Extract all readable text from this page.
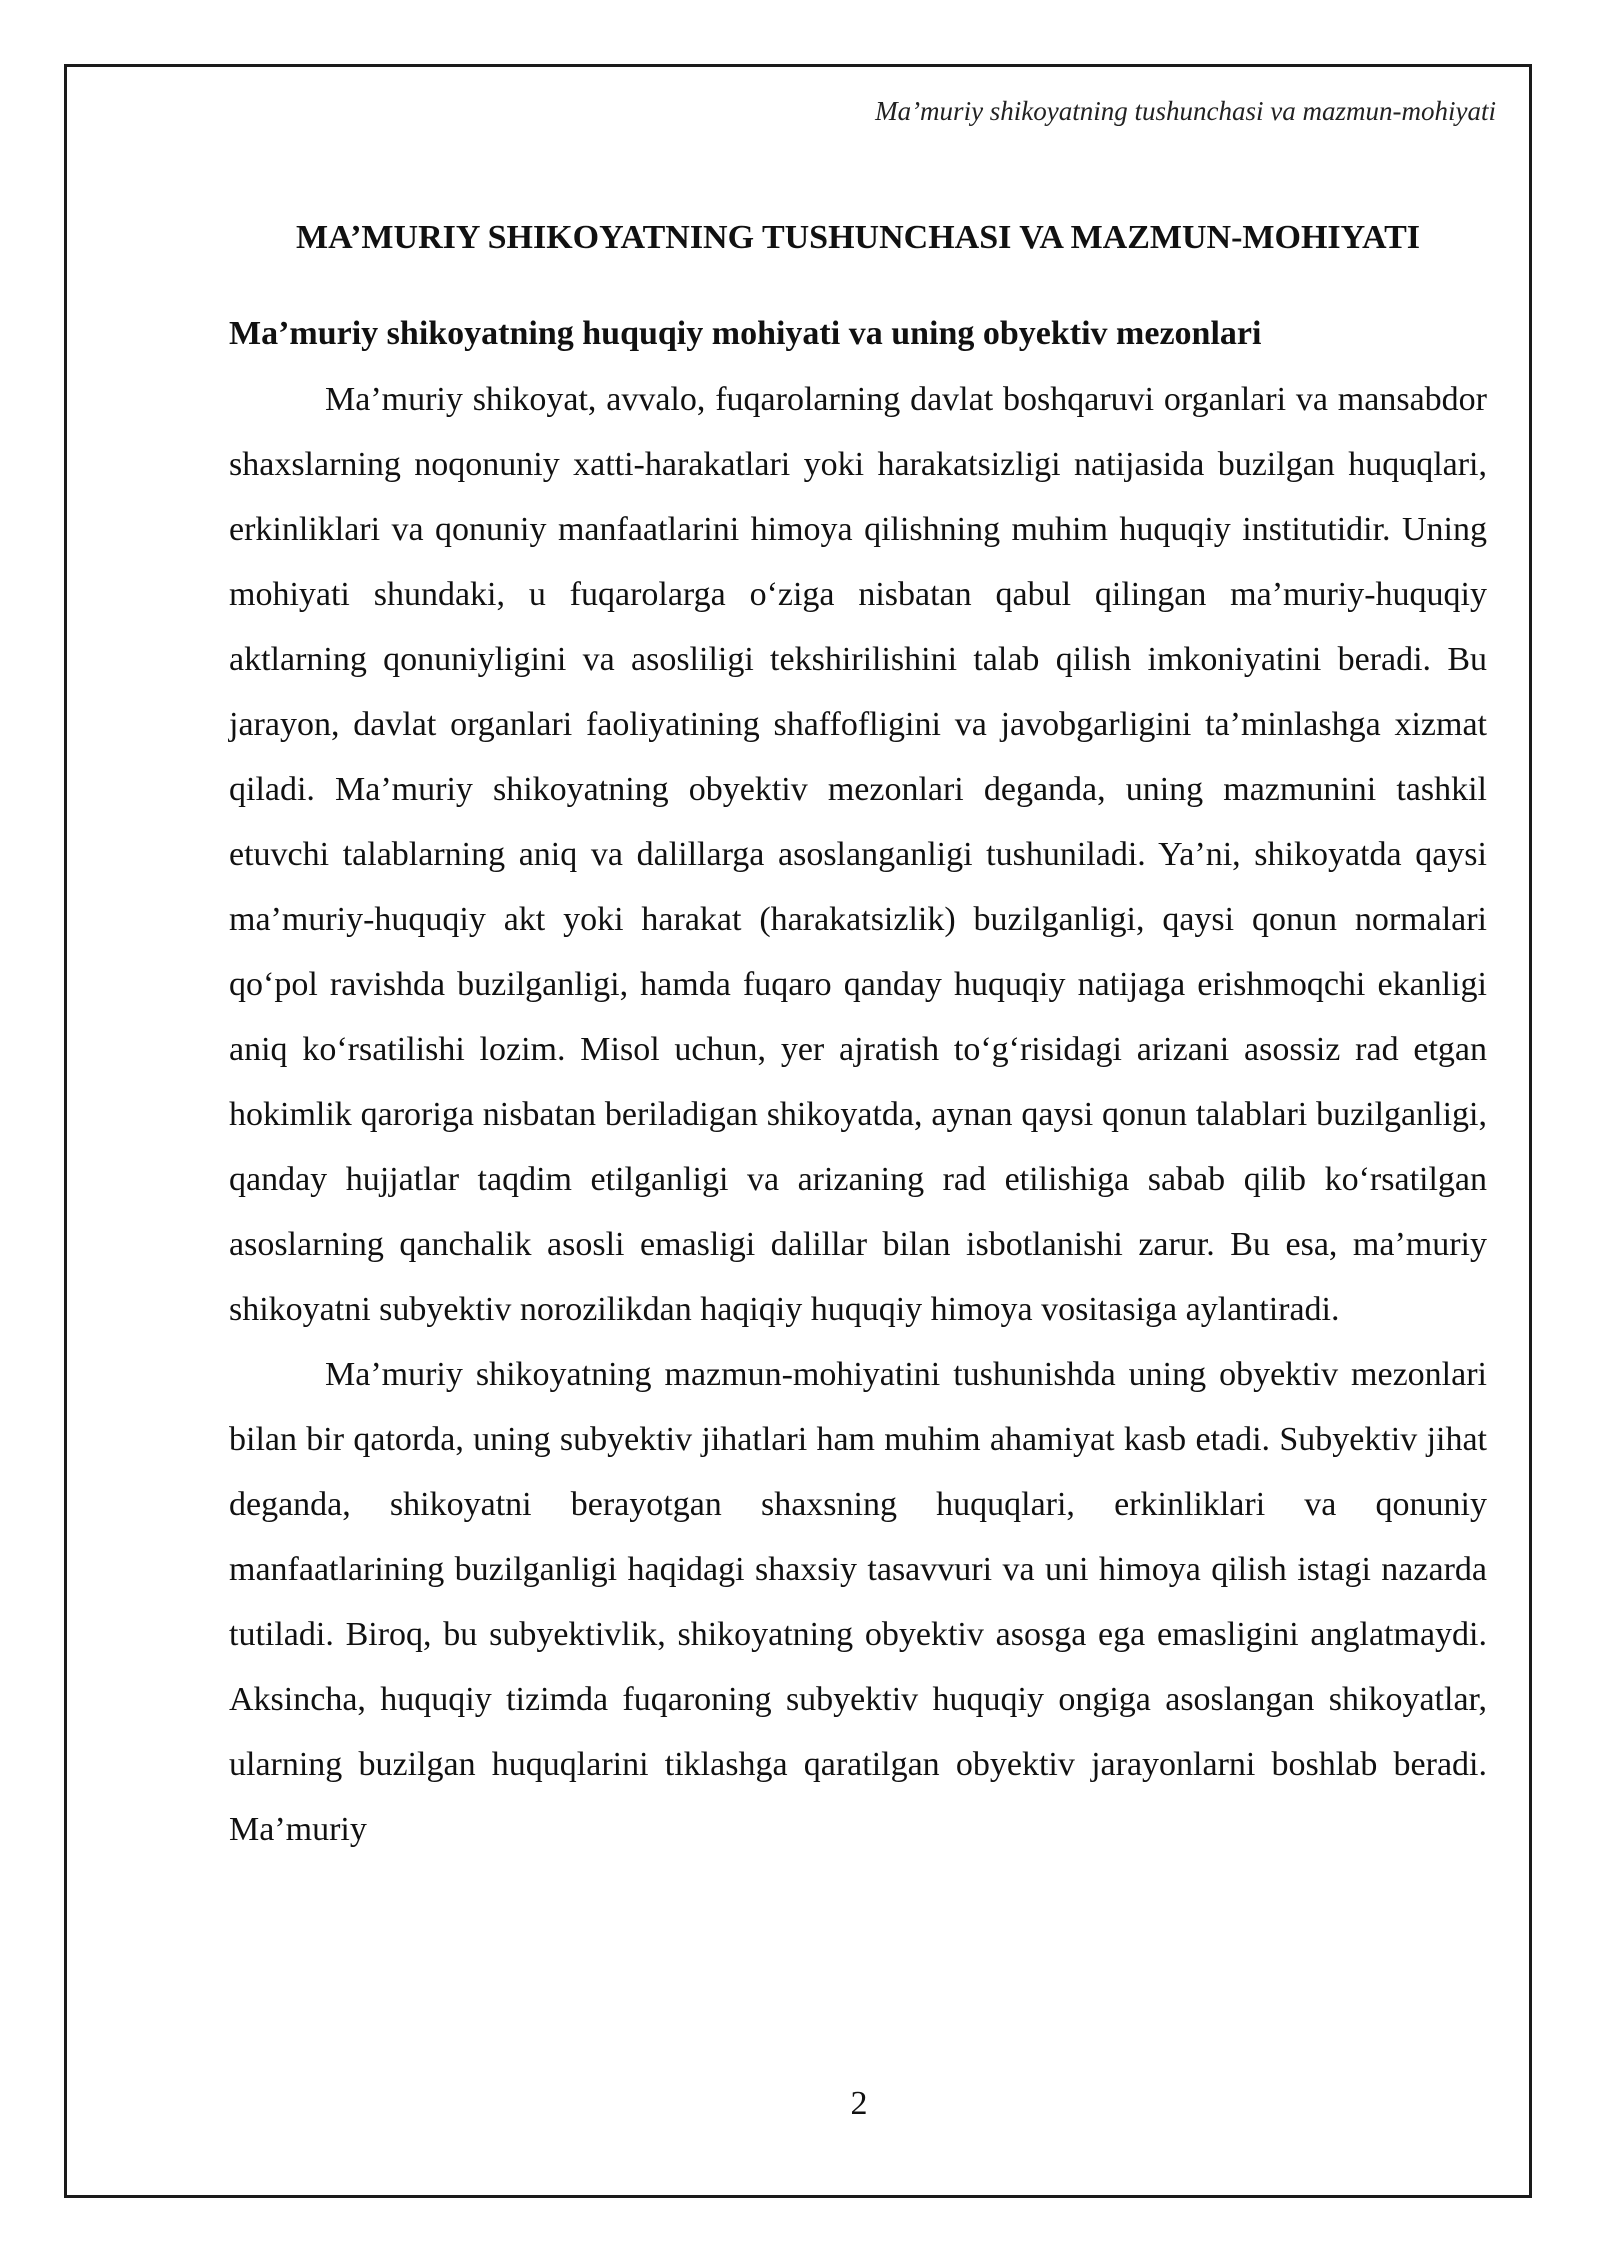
Ma’muriy shikoyatning tushunchasi va mazmun-mohiyati
MA’MURIY SHIKOYATNING TUSHUNCHASI VA MAZMUN-MOHIYATI
Ma’muriy shikoyatning huquqiy mohiyati va uning obyektiv mezonlari

Ma’muriy shikoyat, avvalo, fuqarolarning davlat boshqaruvi organlari va mansabdor shaxslarning noqonuniy xatti-harakatlari yoki harakatsizligi natijasida buzilgan huquqlari, erkinliklari va qonuniy manfaatlarini himoya qilishning muhim huquqiy institutidir. Uning mohiyati shundaki, u fuqarolarga o‘ziga nisbatan qabul qilingan ma’muriy-huquqiy aktlarning qonuniyligini va asosliligi tekshirilishini talab qilish imkoniyatini beradi. Bu jarayon, davlat organlari faoliyatining shaffofligini va javobgarligini ta’minlashga xizmat qiladi. Ma’muriy shikoyatning obyektiv mezonlari deganda, uning mazmunini tashkil etuvchi talablarning aniq va dalillarga asoslanganligi tushuniladi. Ya’ni, shikoyatda qaysi ma’muriy-huquqiy akt yoki harakat (harakatsizlik) buzilganligi, qaysi qonun normalari qo‘pol ravishda buzilganligi, hamda fuqaro qanday huquqiy natijaga erishmoqchi ekanligi aniq ko‘rsatilishi lozim. Misol uchun, yer ajratish to‘g‘risidagi arizani asossiz rad etgan hokimlik qaroriga nisbatan beriladigan shikoyatda, aynan qaysi qonun talablari buzilganligi, qanday hujjatlar taqdim etilganligi va arizaning rad etilishiga sabab qilib ko‘rsatilgan asoslarning qanchalik asosli emasligi dalillar bilan isbotlanishi zarur. Bu esa, ma’muriy shikoyatni subyektiv norozilikdan haqiqiy huquqiy himoya vositasiga aylantiradi.

Ma’muriy shikoyatning mazmun-mohiyatini tushunishda uning obyektiv mezonlari bilan bir qatorda, uning subyektiv jihatlari ham muhim ahamiyat kasb etadi. Subyektiv jihat deganda, shikoyatni berayotgan shaxsning huquqlari, erkinliklari va qonuniy manfaatlarining buzilganligi haqidagi shaxsiy tasavvuri va uni himoya qilish istagi nazarda tutiladi. Biroq, bu subyektivlik, shikoyatning obyektiv asosga ega emasligini anglatmaydi. Aksincha, huquqiy tizimda fuqaroning subyektiv huquqiy ongiga asoslangan shikoyatlar, ularning buzilgan huquqlarini tiklashga qaratilgan obyektiv jarayonlarni boshlab beradi. Ma’muriy

2
